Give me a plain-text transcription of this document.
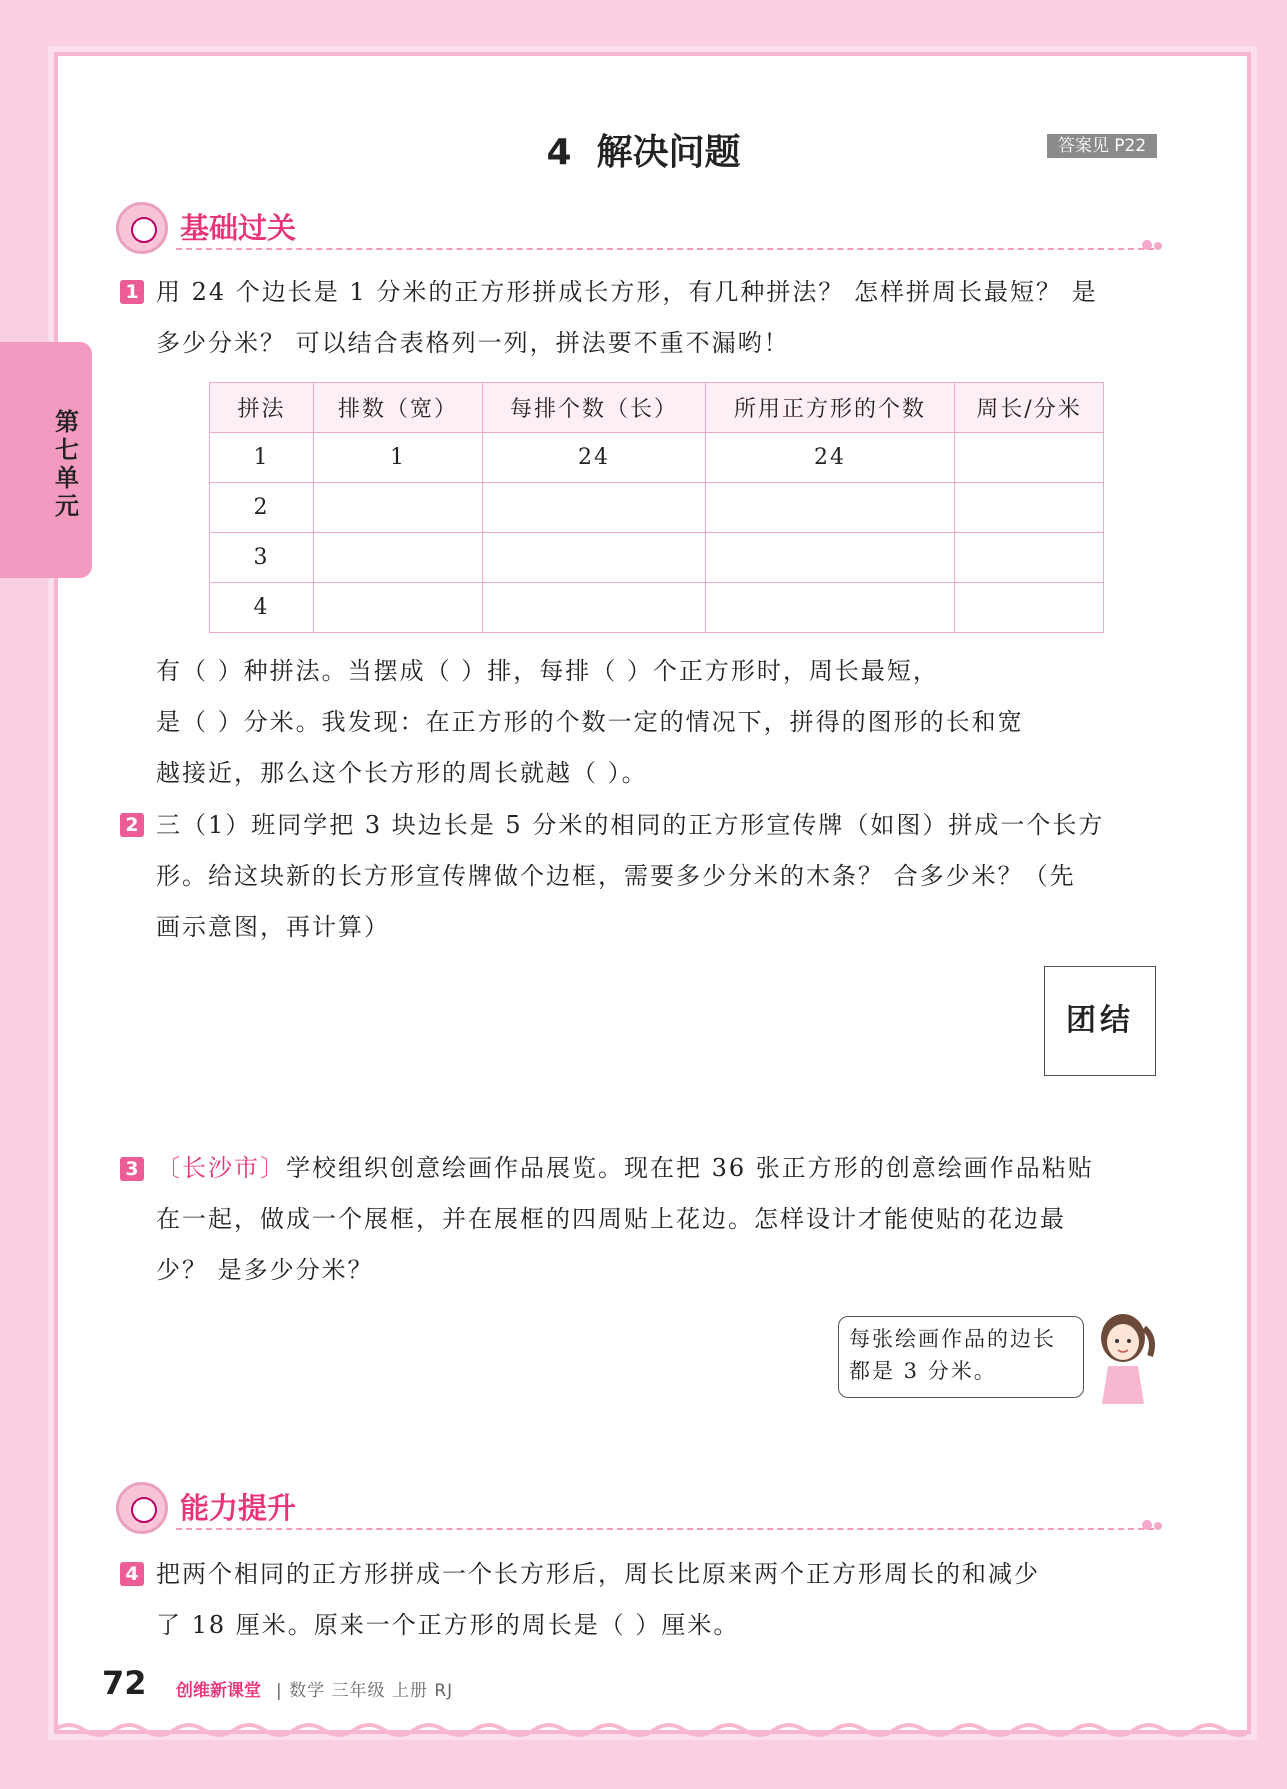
第七单元
4  解决问题	答案见 P22
基础过关
1 用 24 个边长是 1 分米的正方形拼成长方形，有几种拼法？ 怎样拼周长最短？ 是
多少分米？ 可以结合表格列一列，拼法要不重不漏哟！
拼法	排数（宽）	每排个数（长）	所用正方形的个数	周长/分米
1	1	24	24	
2				
3				
4				
有（ ）种拼法。当摆成（ ）排，每排（ ）个正方形时，周长最短，
是（ ）分米。我发现：在正方形的个数一定的情况下，拼得的图形的长和宽
越接近，那么这个长方形的周长就越（ ）。
2 三（1）班同学把 3 块边长是 5 分米的相同的正方形宣传牌（如图）拼成一个长方
形。给这块新的长方形宣传牌做个边框，需要多少分米的木条？ 合多少米？（先
画示意图，再计算）
团结
3 〔长沙市〕学校组织创意绘画作品展览。现在把 36 张正方形的创意绘画作品粘贴
在一起，做成一个展框，并在展框的四周贴上花边。怎样设计才能使贴的花边最
少？ 是多少分米？
每张绘画作品的边长
都是 3 分米。
能力提升
4 把两个相同的正方形拼成一个长方形后，周长比原来两个正方形周长的和减少
了 18 厘米。原来一个正方形的周长是（ ）厘米。
72 创维新课堂 | 数学 三年级 上册 RJ
